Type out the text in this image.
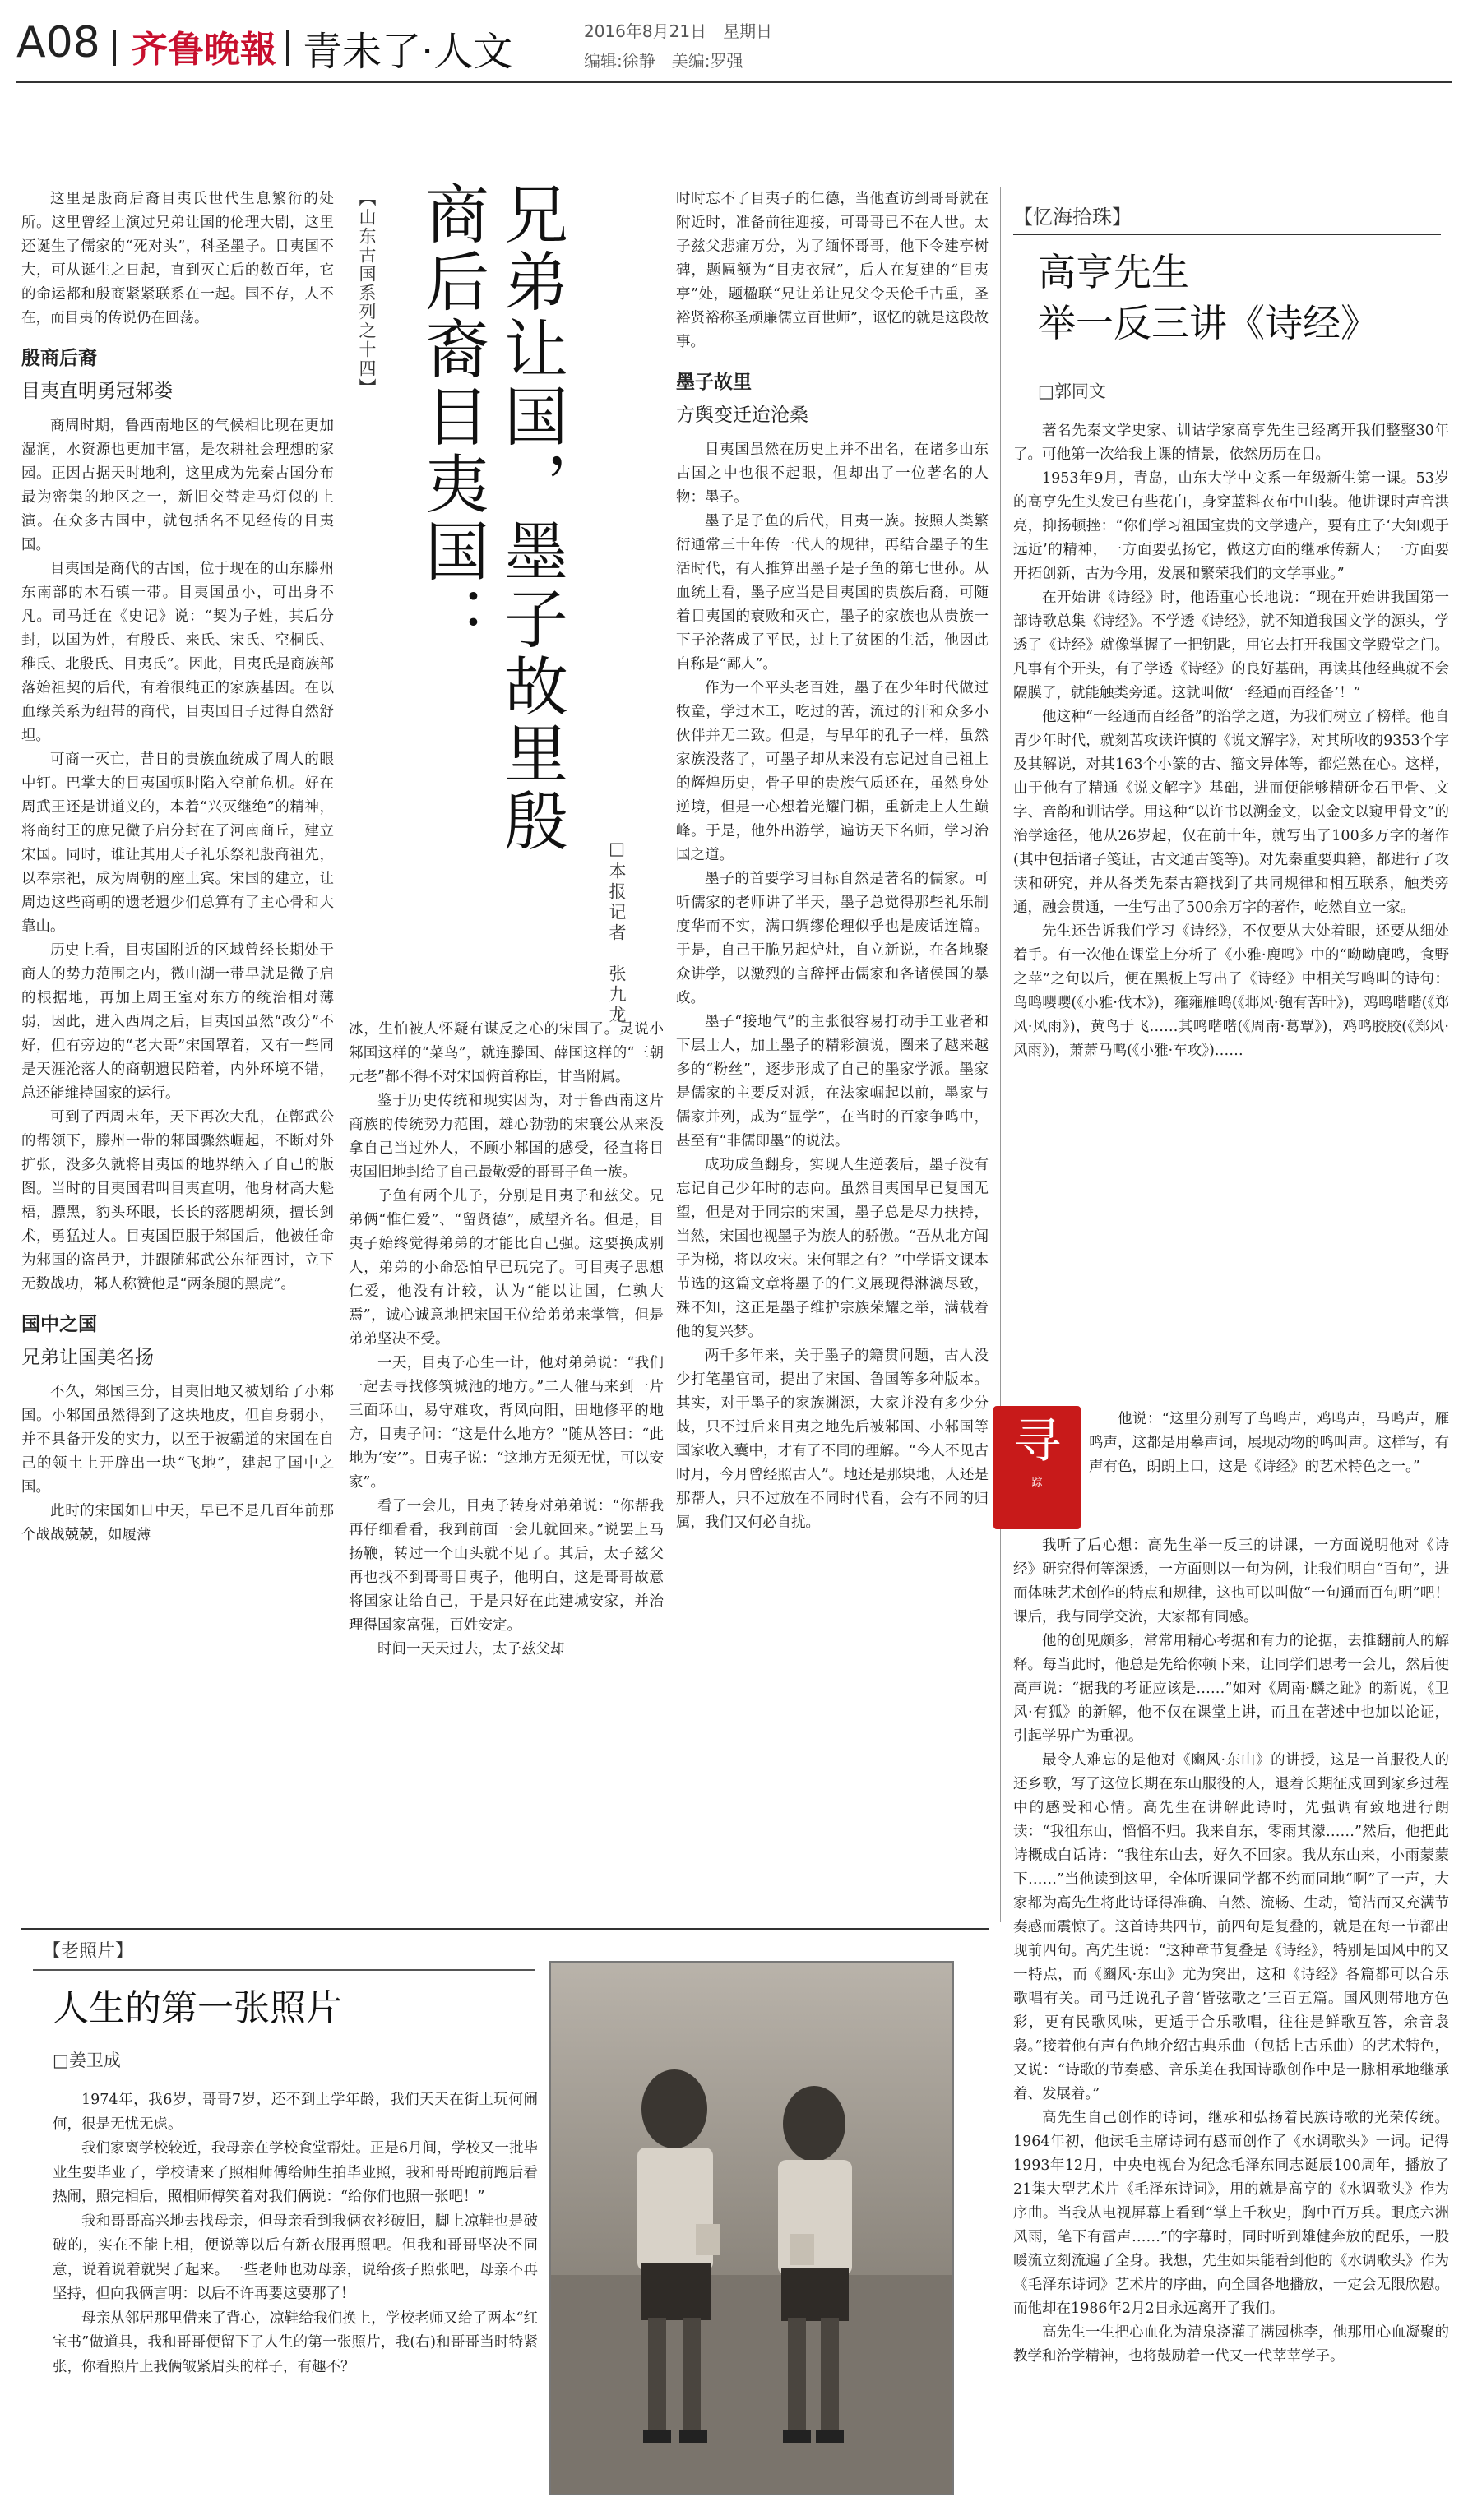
A08 齐鲁晚報 青未了·人文	2016年8月21日　星期日
编辑:徐静　美编:罗强
【山东古国系列之十四】	兄弟让国，墨子故里殷商后裔目夷国：
□本报记者　张九龙

这里是殷商后裔目夷氏世代生息繁衍的处所。这里曾经上演过兄弟让国的伦理大剧，这里还诞生了儒家的“死对头”，科圣墨子。目夷国不大，可从诞生之日起，直到灭亡后的数百年，它的命运都和殷商紧紧联系在一起。国不存，人不在，而目夷的传说仍在回荡。

殷商后裔
目夷直明勇冠邾娄

商周时期，鲁西南地区的气候相比现在更加湿润，水资源也更加丰富，是农耕社会理想的家园。正因占据天时地利，这里成为先秦古国分布最为密集的地区之一，新旧交替走马灯似的上演。在众多古国中，就包括名不见经传的目夷国。

目夷国是商代的古国，位于现在的山东滕州东南部的木石镇一带。目夷国虽小，可出身不凡。司马迁在《史记》说：“契为子姓，其后分封，以国为姓，有殷氏、来氏、宋氏、空桐氏、稚氏、北殷氏、目夷氏”。因此，目夷氏是商族部落始祖契的后代，有着很纯正的家族基因。在以血缘关系为纽带的商代，目夷国日子过得自然舒坦。

可商一灭亡，昔日的贵族血统成了周人的眼中钉。巴掌大的目夷国顿时陷入空前危机。好在周武王还是讲道义的，本着“兴灭继绝”的精神，将商纣王的庶兄微子启分封在了河南商丘，建立宋国。同时，谁让其用天子礼乐祭祀殷商祖先，以奉宗祀，成为周朝的座上宾。宋国的建立，让周边这些商朝的遗老遗少们总算有了主心骨和大靠山。

历史上看，目夷国附近的区域曾经长期处于商人的势力范围之内，微山湖一带早就是微子启的根据地，再加上周王室对东方的统治相对薄弱，因此，进入西周之后，目夷国虽然“改分”不好，但有旁边的“老大哥”宋国罩着，又有一些同是天涯沦落人的商朝遗民陪着，内外环境不错，总还能维持国家的运行。

可到了西周末年，天下再次大乱，在鄫武公的帮领下，滕州一带的邾国骤然崛起，不断对外扩张，没多久就将目夷国的地界纳入了自己的版图。当时的目夷国君叫目夷直明，他身材高大魁梧，膘黑，豹头环眼，长长的落腮胡须，擅长剑术，勇猛过人。目夷国臣服于邾国后，他被任命为邾国的盗邑尹，并跟随邾武公东征西讨，立下无数战功，邾人称赞他是“两条腿的黑虎”。

国中之国
兄弟让国美名扬

不久，邾国三分，目夷旧地又被划给了小邾国。小邾国虽然得到了这块地皮，但自身弱小，并不具备开发的实力，以至于被霸道的宋国在自己的领土上开辟出一块“飞地”，建起了国中之国。

此时的宋国如日中天，早已不是几百年前那个战战兢兢，如履薄

冰，生怕被人怀疑有谋反之心的宋国了。灵说小邾国这样的“菜鸟”，就连滕国、薛国这样的“三朝元老”都不得不对宋国俯首称臣，甘当附属。

鉴于历史传统和现实因为，对于鲁西南这片商族的传统势力范围，雄心勃勃的宋襄公从来没拿自己当过外人，不顾小邾国的感受，径直将目夷国旧地封给了自己最敬爱的哥哥子鱼一族。

子鱼有两个儿子，分别是目夷子和兹父。兄弟俩“惟仁爱”、“留贤德”，威望齐名。但是，目夷子始终觉得弟弟的才能比自己强。这要换成别人，弟弟的小命恐怕早已玩完了。可目夷子思想仁爱，他没有计较，认为“能以让国，仁孰大焉”，诚心诚意地把宋国王位给弟弟来掌管，但是弟弟坚决不受。

一天，目夷子心生一计，他对弟弟说：“我们一起去寻找修筑城池的地方。”二人催马来到一片三面环山，易守难攻，背风向阳，田地修平的地方，目夷子问：“这是什么地方？”随从答曰：“此地为‘安’”。目夷子说：“这地方无须无忧，可以安家”。

看了一会儿，目夷子转身对弟弟说：“你帮我再仔细看看，我到前面一会儿就回来。”说罢上马扬鞭，转过一个山头就不见了。其后，太子兹父再也找不到哥哥目夷子，他明白，这是哥哥故意将国家让给自己，于是只好在此建城安家，并治理得国家富强，百姓安定。

时间一天天过去，太子兹父却

时时忘不了目夷子的仁德，当他查访到哥哥就在附近时，准备前往迎接，可哥哥已不在人世。太子兹父悲痛万分，为了缅怀哥哥，他下令建亭树碑，题匾额为“目夷衣冠”，后人在复建的“目夷亭”处，题楹联“兄让弟让兄父令天伦千古重，圣裕贤裕称圣顽廉儒立百世师”，讴忆的就是这段故事。

墨子故里
方舆变迁迨沧桑

目夷国虽然在历史上并不出名，在诸多山东古国之中也很不起眼，但却出了一位著名的人物：墨子。

墨子是子鱼的后代，目夷一族。按照人类繁衍通常三十年传一代人的规律，再结合墨子的生活时代，有人推算出墨子是子鱼的第七世孙。从血统上看，墨子应当是目夷国的贵族后裔，可随着目夷国的衰败和灭亡，墨子的家族也从贵族一下子沦落成了平民，过上了贫困的生活，他因此自称是“鄙人”。

作为一个平头老百姓，墨子在少年时代做过牧童，学过木工，吃过的苦，流过的汗和众多小伙伴并无二致。但是，与早年的孔子一样，虽然家族没落了，可墨子却从来没有忘记过自己祖上的辉煌历史，骨子里的贵族气质还在，虽然身处逆境，但是一心想着光耀门楣，重新走上人生巅峰。于是，他外出游学，遍访天下名师，学习治国之道。

墨子的首要学习目标自然是著名的儒家。可听儒家的老师讲了半天，墨子总觉得那些礼乐制度华而不实，满口绸缪伦理似乎也是废话连篇。于是，自己干脆另起炉灶，自立新说，在各地聚众讲学，以激烈的言辞抨击儒家和各诸侯国的暴政。

墨子“接地气”的主张很容易打动手工业者和下层士人，加上墨子的精彩演说，圈来了越来越多的“粉丝”，逐步形成了自己的墨家学派。墨家是儒家的主要反对派，在法家崛起以前，墨家与儒家并列，成为“显学”，在当时的百家争鸣中，甚至有“非儒即墨”的说法。

成功成鱼翻身，实现人生逆袭后，墨子没有忘记自己少年时的志向。虽然目夷国早已复国无望，但是对于同宗的宋国，墨子总是尽力扶持，当然，宋国也视墨子为族人的骄傲。“吾从北方闻子为梯，将以攻宋。宋何罪之有？”中学语文课本节选的这篇文章将墨子的仁义展现得淋漓尽致，殊不知，这正是墨子维护宗族荣耀之举，满载着他的复兴梦。

两千多年来，关于墨子的籍贯问题，古人没少打笔墨官司，提出了宋国、鲁国等多种版本。其实，对于墨子的家族渊源，大家并没有多少分歧，只不过后来目夷之地先后被邾国、小邾国等国家收入囊中，才有了不同的理解。“今人不见古时月，今月曾经照古人”。地还是那块地，人还是那帮人，只不过放在不同时代看，会有不同的归属，我们又何必自扰。

【忆海拾珠】
高亨先生
举一反三讲《诗经》
□郭同文

著名先秦文学史家、训诂学家高亨先生已经离开我们整整30年了。可他第一次给我上课的情景，依然历历在目。

1953年9月，青岛，山东大学中文系一年级新生第一课。53岁的高亨先生头发已有些花白，身穿蓝料衣布中山装。他讲课时声音洪亮，抑扬顿挫：“你们学习祖国宝贵的文学遗产，要有庄子‘大知观于远近’的精神，一方面要弘扬它，做这方面的继承传薪人；一方面要开拓创新，古为今用，发展和繁荣我们的文学事业。”

在开始讲《诗经》时，他语重心长地说：“现在开始讲我国第一部诗歌总集《诗经》。不学透《诗经》，就不知道我国文学的源头，学透了《诗经》就像掌握了一把钥匙，用它去打开我国文学殿堂之门。凡事有个开头，有了学透《诗经》的良好基础，再读其他经典就不会隔膜了，就能触类旁通。这就叫做‘一经通而百经备’！”

他这种“一经通而百经备”的治学之道，为我们树立了榜样。他自青少年时代，就刻苦攻读许慎的《说文解字》，对其所收的9353个字及其解说，对其163个小篆的古、籀文异体等，都烂熟在心。这样，由于他有了精通《说文解字》基础，进而便能够精研金石甲骨、文字、音韵和训诂学。用这种“以许书以溯金文，以金文以窥甲骨文”的治学途径，他从26岁起，仅在前十年，就写出了100多万字的著作(其中包括诸子笺证，古文通古笺等)。对先秦重要典籍，都进行了攻读和研究，并从各类先秦古籍找到了共同规律和相互联系，触类旁通，融会贯通，一生写出了500余万字的著作，屹然自立一家。

先生还告诉我们学习《诗经》，不仅要从大处着眼，还要从细处着手。有一次他在课堂上分析了《小雅·鹿鸣》中的“呦呦鹿鸣，食野之苹”之句以后，便在黑板上写出了《诗经》中相关写鸣叫的诗句：鸟鸣嘤嘤(《小雅·伐木》)，雍雍雁鸣(《邶风·匏有苦叶》)，鸡鸣喈喈(《郑风·风雨》)，黄鸟于飞……其鸣喈喈(《周南·葛覃》)，鸡鸣胶胶(《郑风·风雨》)，萧萧马鸣(《小雅·车攻》)……

寻
踪

他说：“这里分别写了鸟鸣声，鸡鸣声，马鸣声，雁鸣声，这都是用摹声词，展现动物的鸣叫声。这样写，有声有色，朗朗上口，这是《诗经》的艺术特色之一。”

我听了后心想：高先生举一反三的讲课，一方面说明他对《诗经》研究得何等深透，一方面则以一句为例，让我们明白“百句”，进而体味艺术创作的特点和规律，这也可以叫做“一句通而百句明”吧！课后，我与同学交流，大家都有同感。

他的创见颇多，常常用精心考据和有力的论据，去推翻前人的解释。每当此时，他总是先给你顿下来，让同学们思考一会儿，然后便高声说：“据我的考证应该是……”如对《周南·麟之趾》的新说，《卫风·有狐》的新解，他不仅在课堂上讲，而且在著述中也加以论证，引起学界广为重视。

最令人难忘的是他对《豳风·东山》的讲授，这是一首服役人的还乡歌，写了这位长期在东山服役的人，退着长期征戍回到家乡过程中的感受和心情。高先生在讲解此诗时，先强调有致地进行朗读：“我徂东山，慆慆不归。我来自东，零雨其濛……”然后，他把此诗概成白话诗：“我往东山去，好久不回家。我从东山来，小雨蒙蒙下……”当他读到这里，全体听课同学都不约而同地“啊”了一声，大家都为高先生将此诗译得准确、自然、流畅、生动，简洁而又充满节奏感而震惊了。这首诗共四节，前四句是复叠的，就是在每一节都出现前四句。高先生说：“这种章节复叠是《诗经》，特别是国风中的又一特点，而《豳风·东山》尤为突出，这和《诗经》各篇都可以合乐歌唱有关。司马迁说孔子曾‘皆弦歌之’三百五篇。国风则带地方色彩，更有民歌风味，更适于合乐歌唱，往往是鲜歌互答，余音袅袅。”接着他有声有色地介绍古典乐曲（包括上古乐曲）的艺术特色，又说：“诗歌的节奏感、音乐美在我国诗歌创作中是一脉相承地继承着、发展着。”

高先生自己创作的诗词，继承和弘扬着民族诗歌的光荣传统。1964年初，他读毛主席诗词有感而创作了《水调歌头》一词。记得1993年12月，中央电视台为纪念毛泽东同志诞辰100周年，播放了21集大型艺术片《毛泽东诗词》，用的就是高亨的《水调歌头》作为序曲。当我从电视屏幕上看到“掌上千秋史，胸中百万兵。眼底六洲风雨，笔下有雷声……”的字幕时，同时听到雄健奔放的配乐，一股暖流立刻流遍了全身。我想，先生如果能看到他的《水调歌头》作为《毛泽东诗词》艺术片的序曲，向全国各地播放，一定会无限欣慰。而他却在1986年2月2日永远离开了我们。

高先生一生把心血化为清泉浇灌了满园桃李，他那用心血凝聚的教学和治学精神，也将鼓励着一代又一代莘莘学子。

【老照片】
人生的第一张照片
□姜卫成

1974年，我6岁，哥哥7岁，还不到上学年龄，我们天天在街上玩何闹何，很是无忧无虑。

我们家离学校较近，我母亲在学校食堂帮灶。正是6月间，学校又一批毕业生要毕业了，学校请来了照相师傅给师生拍毕业照，我和哥哥跑前跑后看热闹，照完相后，照相师傅笑着对我们俩说：“给你们也照一张吧！”

我和哥哥高兴地去找母亲，但母亲看到我俩衣衫破旧，脚上凉鞋也是破破的，实在不能上相，便说等以后有新衣服再照吧。但我和哥哥坚决不同意，说着说着就哭了起来。一些老师也劝母亲，说给孩子照张吧，母亲不再坚持，但向我俩言明：以后不许再要这要那了！

母亲从邻居那里借来了背心，凉鞋给我们换上，学校老师又给了两本“红宝书”做道具，我和哥哥便留下了人生的第一张照片，我(右)和哥哥当时特紧张，你看照片上我俩皱紧眉头的样子，有趣不？
